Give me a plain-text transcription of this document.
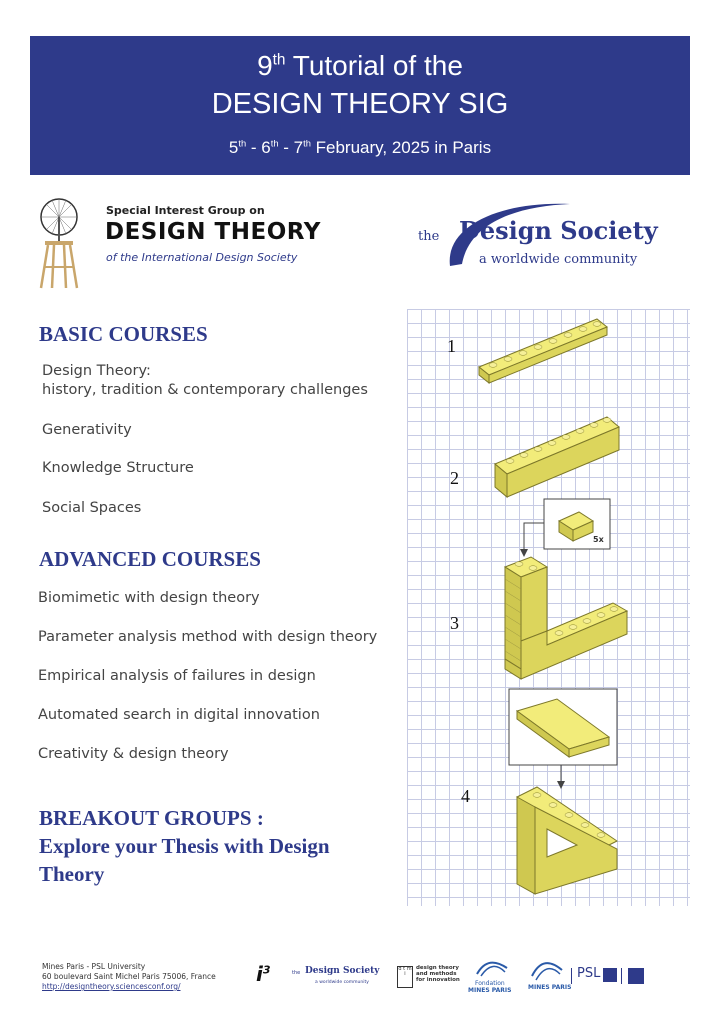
9th Tutorial of the
DESIGN THEORY SIG
5th - 6th - 7th February, 2025 in Paris
Special Interest Group on
DESIGN THEORY
of the International Design Society
the Design Society
a worldwide community
BASIC COURSES
Design Theory:
history, tradition & contemporary challenges
Generativity
Knowledge Structure
Social Spaces
ADVANCED COURSES
Biomimetic with design theory
Parameter analysis method with design theory
Empirical analysis of failures in design
Automated search in digital innovation
Creativity & design theory
BREAKOUT GROUPS :
Explore your Thesis with Design
Theory
1
2
3
4
5x
Mines Paris - PSL University
60 boulevard Saint Michel Paris 75006, France
http://designtheory.sciencesconf.org/
$i^3$	the Design Society
a worldwide community
d t m i
design theory and methods for innovation	Fondation
MINES PARIS	MINES PARIS
PSL
